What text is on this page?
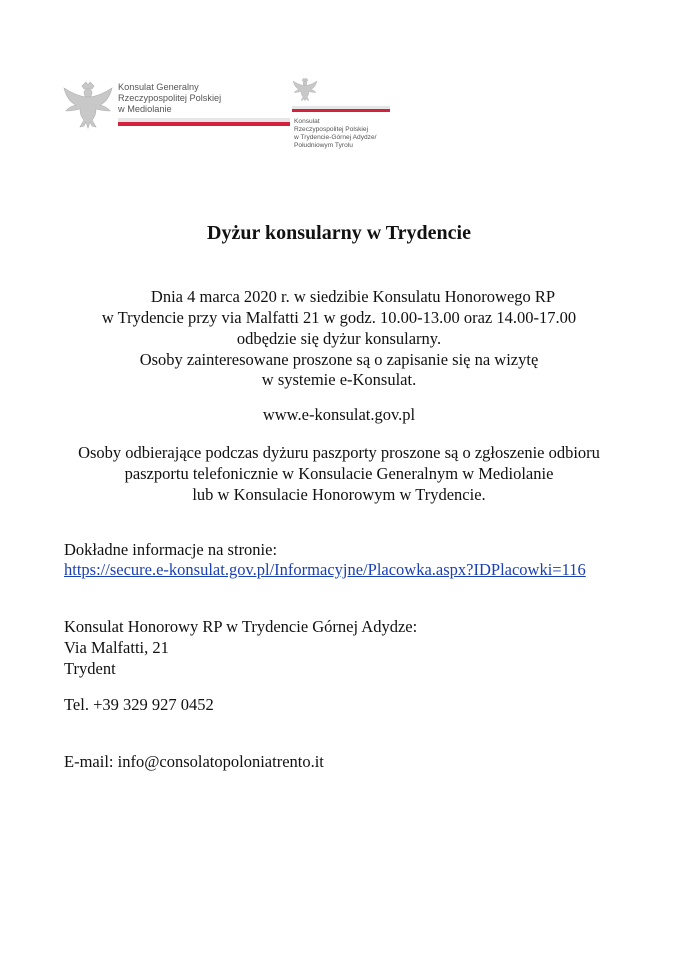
Konsulat Generalny
Rzeczypospolitej Polskiej
w Mediolanie
Konsulat
Rzeczypospolitej Polskiej
w Trydencie-Górnej Adydze/
Południowym Tyrolu
Dyżur konsularny w Trydencie
Dnia 4 marca 2020 r. w siedzibie Konsulatu Honorowego RP
w Trydencie przy via Malfatti 21 w godz. 10.00-13.00 oraz 14.00-17.00
odbędzie się dyżur konsularny.
Osoby zainteresowane proszone są o zapisanie się na wizytę
w systemie e-Konsulat.
www.e-konsulat.gov.pl
Osoby odbierające podczas dyżuru paszporty proszone są o zgłoszenie odbioru
paszportu telefonicznie w Konsulacie Generalnym w Mediolanie
lub w Konsulacie Honorowym w Trydencie.
Dokładne informacje na stronie:
https://secure.e-konsulat.gov.pl/Informacyjne/Placowka.aspx?IDPlacowki=116
Konsulat Honorowy RP w Trydencie Górnej Adydze:
Via Malfatti, 21
Trydent
Tel. +39 329 927 0452
E-mail: info@consolatopoloniatrento.it
